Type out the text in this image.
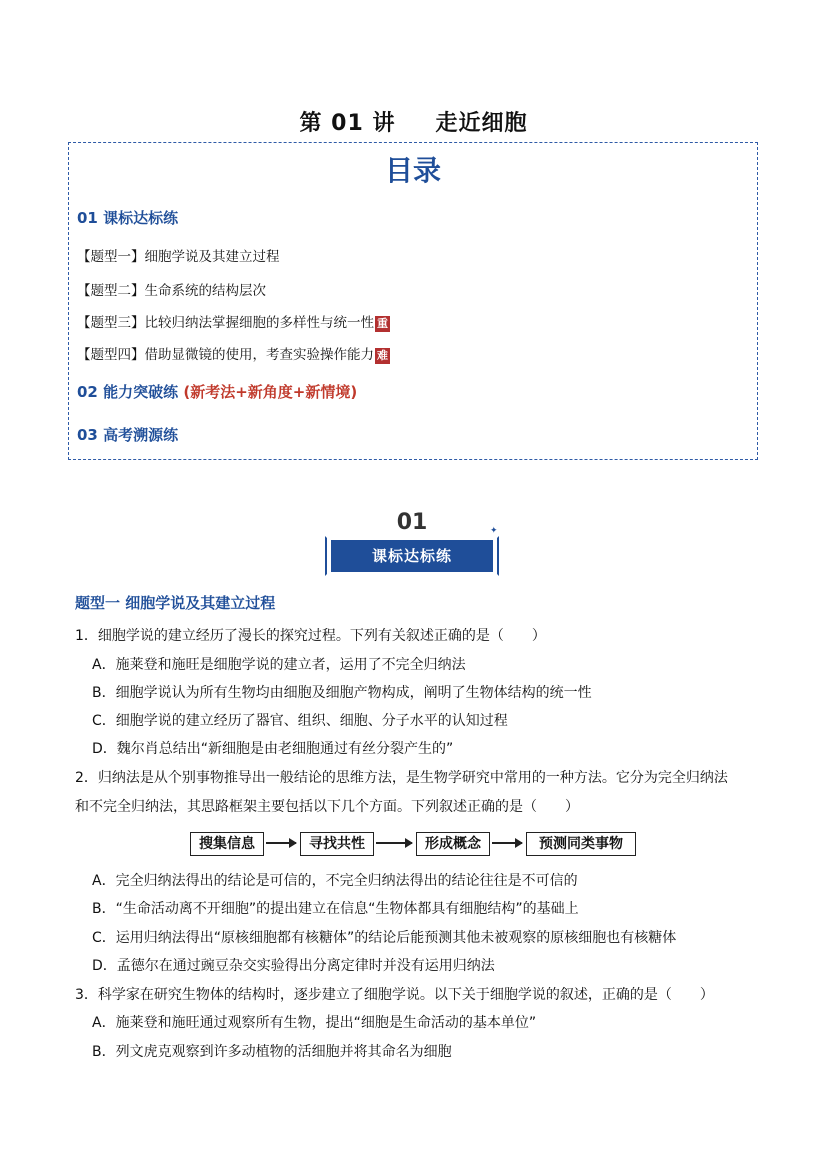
第 01 讲 走近细胞
目录
01 课标达标练
【题型一】细胞学说及其建立过程
【题型二】生命系统的结构层次
【题型三】比较归纳法掌握细胞的多样性与统一性 重
【题型四】借助显微镜的使用，考查实验操作能力 难
02 能力突破练 (新考法+新角度+新情境)
03 高考溯源练
01
课标达标练
✦
题型一 细胞学说及其建立过程
1．细胞学说的建立经历了漫长的探究过程。下列有关叙述正确的是（　　）
A．施莱登和施旺是细胞学说的建立者，运用了不完全归纳法
B．细胞学说认为所有生物均由细胞及细胞产物构成，阐明了生物体结构的统一性
C．细胞学说的建立经历了器官、组织、细胞、分子水平的认知过程
D．魏尔肖总结出“新细胞是由老细胞通过有丝分裂产生的”
2．归纳法是从个别事物推导出一般结论的思维方法，是生物学研究中常用的一种方法。它分为完全归纳法
和不完全归纳法，其思路框架主要包括以下几个方面。下列叙述正确的是（　　）
搜集信息	寻找共性	形成概念	预测同类事物
A．完全归纳法得出的结论是可信的，不完全归纳法得出的结论往往是不可信的
B．“生命活动离不开细胞”的提出建立在信息“生物体都具有细胞结构”的基础上
C．运用归纳法得出“原核细胞都有核糖体”的结论后能预测其他未被观察的原核细胞也有核糖体
D．孟德尔在通过豌豆杂交实验得出分离定律时并没有运用归纳法
3．科学家在研究生物体的结构时，逐步建立了细胞学说。以下关于细胞学说的叙述，正确的是（　　）
A．施莱登和施旺通过观察所有生物，提出“细胞是生命活动的基本单位”
B．列文虎克观察到许多动植物的活细胞并将其命名为细胞
